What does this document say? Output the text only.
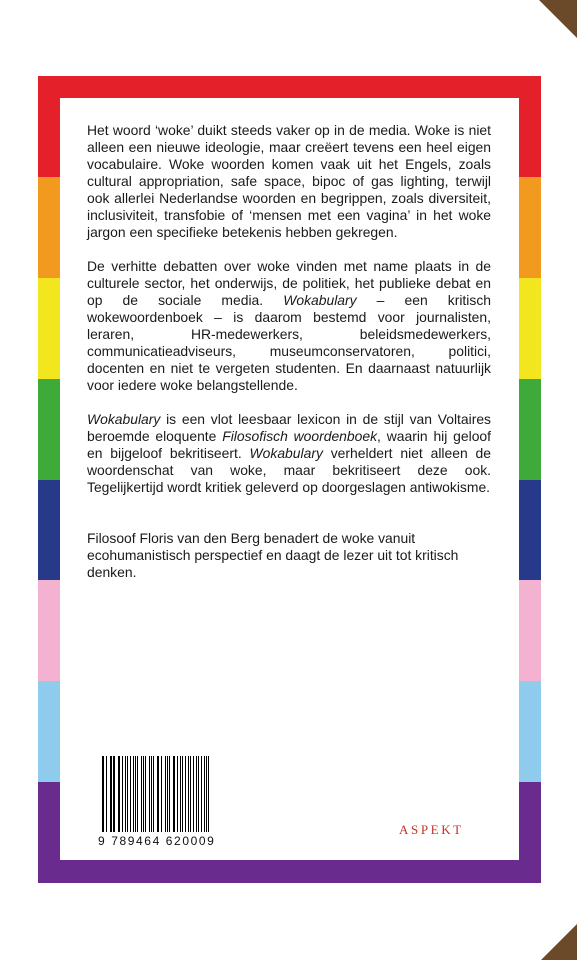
Het woord ‘woke’ duikt steeds vaker op in de media. Woke is niet alleen een nieuwe ideologie, maar creëert tevens een heel eigen vocabulaire. Woke woorden komen vaak uit het Engels, zoals cultural appropriation, safe space, bipoc of gas lighting, terwijl ook allerlei Nederlandse woorden en begrippen, zoals diversiteit, inclusiviteit, transfobie of ‘mensen met een vagina’ in het woke jargon een specifieke betekenis hebben gekregen.

De verhitte debatten over woke vinden met name plaats in de culturele sector, het onderwijs, de politiek, het publieke debat en op de sociale media. Wokabulary – een kritisch wokewoordenboek – is daarom bestemd voor journalisten, leraren, HR-medewerkers, beleidsmedewerkers, communicatieadviseurs, museumconservatoren, politici, docenten en niet te vergeten studenten. En daarnaast natuurlijk voor iedere woke belangstellende.

Wokabulary is een vlot leesbaar lexicon in de stijl van Voltaires beroemde eloquente Filosofisch woordenboek, waarin hij geloof en bijgeloof bekritiseert. Wokabulary verheldert niet alleen de woordenschat van woke, maar bekritiseert deze ook. Tegelijkertijd wordt kritiek geleverd op doorgeslagen antiwokisme.

Filosoof Floris van den Berg benadert de woke vanuit ecohumanistisch perspectief en daagt de lezer uit tot kritisch denken.

9 789464 620009
ASPEKT
